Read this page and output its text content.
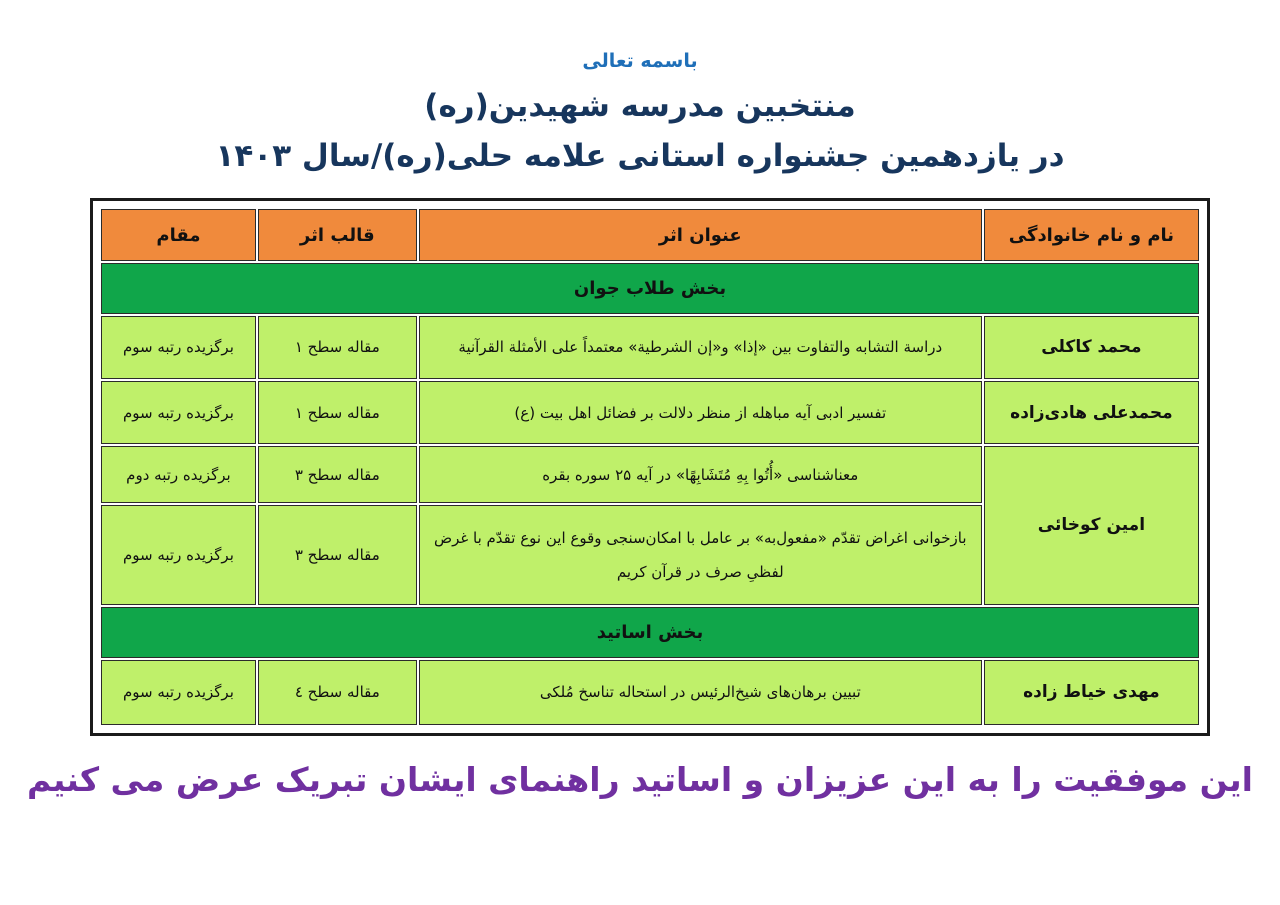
باسمه تعالی
منتخبین مدرسه شهیدین(ره)
در یازدهمین جشنواره استانی علامه حلی(ره)/سال ۱۴۰۳
نام و نام خانوادگی	عنوان اثر	قالب اثر	مقام
بخش طلاب جوان			
محمد کاکلی	دراسة التشابه والتفاوت بین «إذا» و«إن الشرطیة» معتمداً علی الأمثلة القرآنیة	مقاله سطح ۱	برگزیده رتبه سوم
محمدعلی هادی‌زاده	تفسیر ادبی آیه مباهله از منظر دلالت بر فضائل اهل بیت (ع)	مقاله سطح ۱	برگزیده رتبه سوم
امین کوخائی	معناشناسی «أُتُوا بِهِ مُتَشَابِهًا» در آیه ۲۵ سوره بقره	مقاله سطح ۳	برگزیده رتبه دوم
	بازخوانی اغراض تقدّم «مفعول‌به» بر عامل با امکان‌سنجی وقوع این نوع تقدّم با غرض لفظیِ صرف در قرآن کریم	مقاله سطح ۳	برگزیده رتبه سوم
بخش اساتید			
مهدی خیاط زاده	تبیین برهان‌های شیخ‌الرئیس در استحاله تناسخ مُلکی	مقاله سطح ٤	برگزیده رتبه سوم
این موفقیت را به این عزیزان و اساتید راهنمای ایشان تبریک عرض می کنیم
